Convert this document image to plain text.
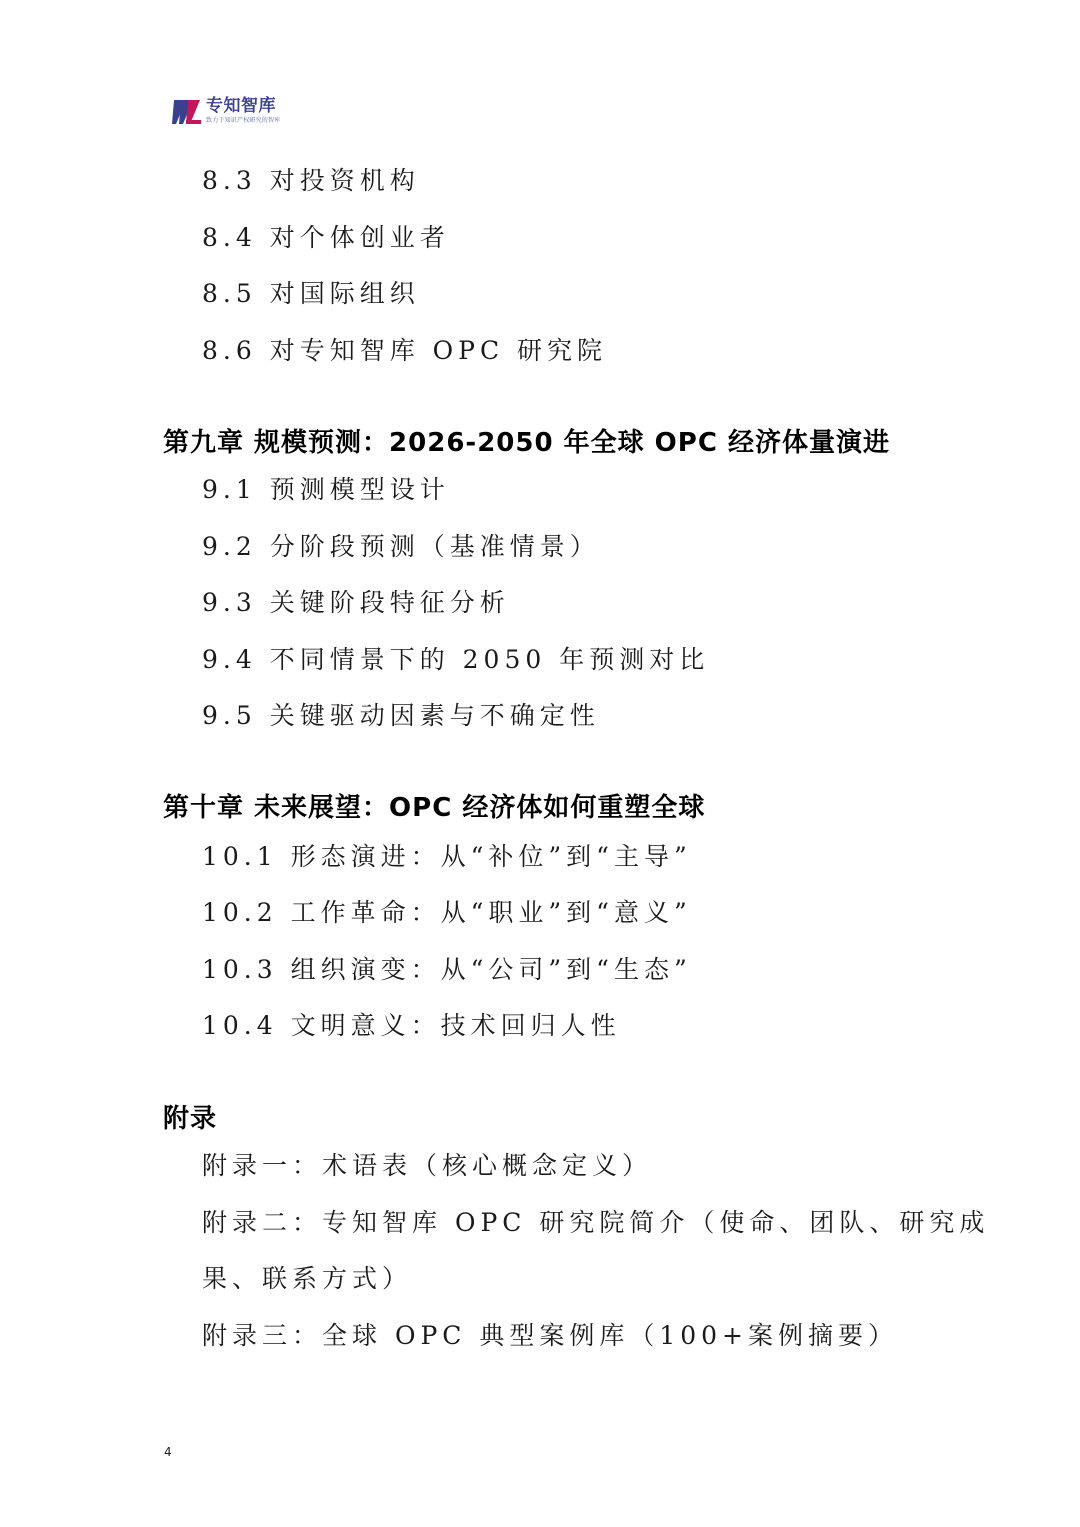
专知智库
致力于知识产权研究的智库
8.3 对投资机构
8.4 对个体创业者
8.5 对国际组织
8.6 对专知智库 OPC 研究院
第九章 规模预测：2026-2050 年全球 OPC 经济体量演进
9.1 预测模型设计
9.2 分阶段预测（基准情景）
9.3 关键阶段特征分析
9.4 不同情景下的 2050 年预测对比
9.5 关键驱动因素与不确定性
第十章 未来展望：OPC 经济体如何重塑全球
10.1 形态演进：从“补位”到“主导”
10.2 工作革命：从“职业”到“意义”
10.3 组织演变：从“公司”到“生态”
10.4 文明意义：技术回归人性
附录
附录一：术语表（核心概念定义）
附录二：专知智库 OPC 研究院简介（使命、团队、研究成
果、联系方式）
附录三：全球 OPC 典型案例库（100+案例摘要）
4
